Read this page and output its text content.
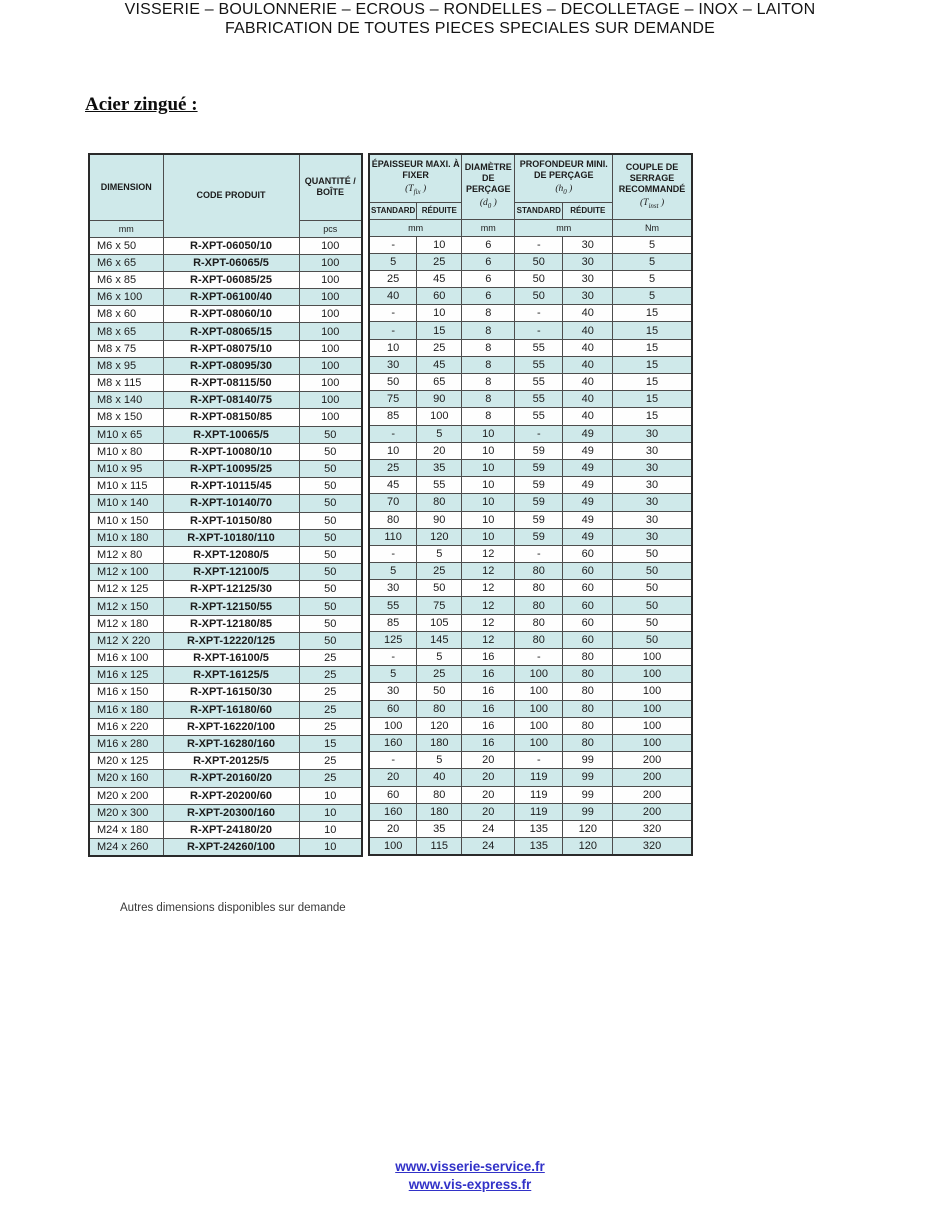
VISSERIE – BOULONNERIE – ECROUS – RONDELLES – DECOLLETAGE – INOX – LAITON
FABRICATION DE TOUTES PIECES SPECIALES SUR DEMANDE
Acier zingué :
DIMENSION	CODE PRODUIT	QUANTITÉ / BOÎTE
mm		pcs
M6 x 50	R-XPT-06050/10	100
M6 x 65	R-XPT-06065/5	100
M6 x 85	R-XPT-06085/25	100
M6 x 100	R-XPT-06100/40	100
M8 x 60	R-XPT-08060/10	100
M8 x 65	R-XPT-08065/15	100
M8 x 75	R-XPT-08075/10	100
M8 x 95	R-XPT-08095/30	100
M8 x 115	R-XPT-08115/50	100
M8 x 140	R-XPT-08140/75	100
M8 x 150	R-XPT-08150/85	100
M10 x 65	R-XPT-10065/5	50
M10 x 80	R-XPT-10080/10	50
M10 x 95	R-XPT-10095/25	50
M10 x 115	R-XPT-10115/45	50
M10 x 140	R-XPT-10140/70	50
M10 x 150	R-XPT-10150/80	50
M10 x 180	R-XPT-10180/110	50
M12 x 80	R-XPT-12080/5	50
M12 x 100	R-XPT-12100/5	50
M12 x 125	R-XPT-12125/30	50
M12 x 150	R-XPT-12150/55	50
M12 x 180	R-XPT-12180/85	50
M12 X 220	R-XPT-12220/125	50
M16 x 100	R-XPT-16100/5	25
M16 x 125	R-XPT-16125/5	25
M16 x 150	R-XPT-16150/30	25
M16 x 180	R-XPT-16180/60	25
M16 x 220	R-XPT-16220/100	25
M16 x 280	R-XPT-16280/160	15
M20 x 125	R-XPT-20125/5	25
M20 x 160	R-XPT-20160/20	25
M20 x 200	R-XPT-20200/60	10
M20 x 300	R-XPT-20300/160	10
M24 x 180	R-XPT-24180/20	10
M24 x 260	R-XPT-24260/100	10
ÉPAISSEUR MAXI. À FIXER
($T_{fix}$ )

DIAMÈTRE DE PERÇAGE
($d_0$ )

PROFONDEUR MINI. DE PERÇAGE
($h_0$ )

COUPLE DE SERRAGE RECOMMANDÉ
($T_{inst}$ )

STANDARD	RÉDUITE		STANDARD	RÉDUITE	
mm		mm	mm		Nm
-	10	6	-	30	5
5	25	6	50	30	5
25	45	6	50	30	5
40	60	6	50	30	5
-	10	8	-	40	15
-	15	8	-	40	15
10	25	8	55	40	15
30	45	8	55	40	15
50	65	8	55	40	15
75	90	8	55	40	15
85	100	8	55	40	15
-	5	10	-	49	30
10	20	10	59	49	30
25	35	10	59	49	30
45	55	10	59	49	30
70	80	10	59	49	30
80	90	10	59	49	30
110	120	10	59	49	30
-	5	12	-	60	50
5	25	12	80	60	50
30	50	12	80	60	50
55	75	12	80	60	50
85	105	12	80	60	50
125	145	12	80	60	50
-	5	16	-	80	100
5	25	16	100	80	100
30	50	16	100	80	100
60	80	16	100	80	100
100	120	16	100	80	100
160	180	16	100	80	100
-	5	20	-	99	200
20	40	20	119	99	200
60	80	20	119	99	200
160	180	20	119	99	200
20	35	24	135	120	320
100	115	24	135	120	320
Autres dimensions disponibles sur demande
www.visserie-service.fr
www.vis-express.fr
